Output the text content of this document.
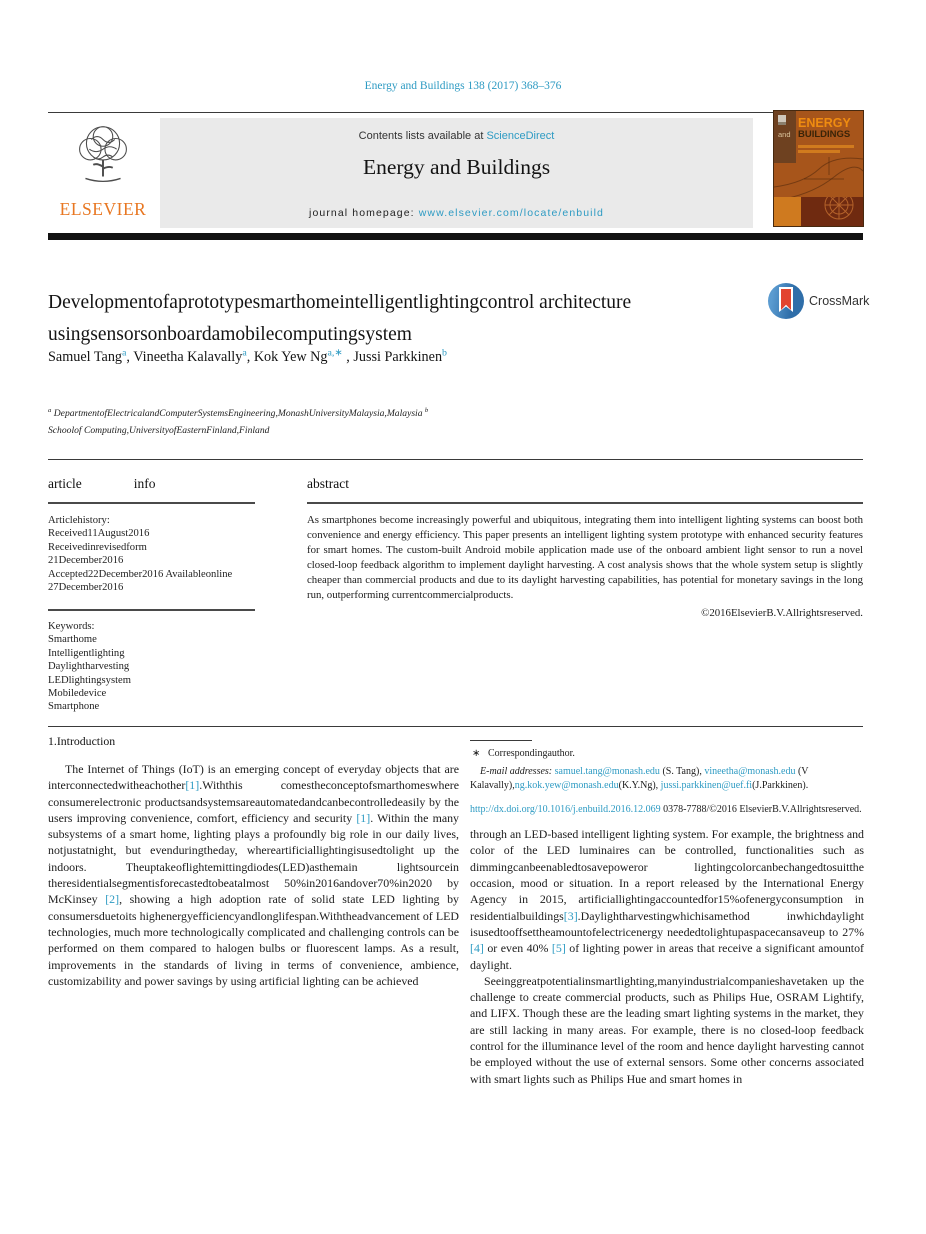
Energy and Buildings 138 (2017) 368–376
ELSEVIER
Contents lists available at ScienceDirect
Energy and Buildings
journal homepage: www.elsevier.com/locate/enbuild
ENERGY
and BUILDINGS
Developmentofaprototypesmarthomeintelligentlightingcontrol architecture
usingsensorsonboardamobilecomputingsystem
CrossMark
Samuel Tang$^a$, Vineetha Kalavally$^a$, Kok Yew $Ng^{a,∗}$ , Jussi Parkkinen$^b$
$^a$ DepartmentofElectricalandComputerSystemsEngineering,MonashUniversityMalaysia,Malaysia $^b$ Schoolof Computing,UniversityofEasternFinland,Finland
article	info	abstract
Articlehistory:
Received11August2016
Receivedinrevisedform
21December2016
Accepted22December2016 Availableonline
27December2016
Keywords:
Smarthome
Intelligentlighting
Daylightharvesting
LEDlightingsystem
Mobiledevice
Smartphone
As smartphones become increasingly powerful and ubiquitous, integrating them into intelligent lighting systems can boost both convenience and energy efficiency. This paper presents an intelligent lighting system prototype with enhanced security features for smart homes. The custom-built Android mobile application made use of the onboard ambient light sensor to run a novel closed-loop feedback algorithm to implement daylight harvesting. A cost analysis shows that the whole system setup is slightly cheaper than commercial products and due to its daylight harvesting capabilities, has potential for monetary savings in the long run, outperforming currentcommercialproducts.
©2016ElsevierB.V.Allrightsreserved.
1.Introduction
The Internet of Things (IoT) is an emerging concept of everyday objects that are interconnectedwitheachother[1].Withthis comestheconceptofsmarthomeswhere consumerelectronic productsandsystemsareautomatedandcanbecontrolledeasily by the users improving convenience, comfort, efficiency and security [1]. Within the many subsystems of a smart home, lighting plays a profoundly big role in our daily lives, notjustatnight, but evenduringtheday, whereartificiallightingisusedtolight up the indoors. Theuptakeoflightemittingdiodes(LED)asthemain lightsourcein theresidentialsegmentisforecastedtobeatalmost 50%in2016andover70%in2020 by McKinsey [2], showing a high adoption rate of solid state LED lighting by consumersduetoits highenergyefficiencyandlonglifespan.Withtheadvancement of LED technologies, much more technologically complicated and challenging controls can be performed on them compared to halogen bulbs or fluorescent lamps. As a result, improvements in the standards of living in terms of convenience, ambience, customizability and power savings by using artificial lighting can be achieved
∗ Correspondingauthor.
E-mail addresses: samuel.tang@monash.edu (S. Tang), vineetha@monash.edu (V Kalavally),ng.kok.yew@monash.edu(K.Y.Ng), jussi.parkkinen@uef.fi(J.Parkkinen).
http://dx.doi.org/10.1016/j.enbuild.2016.12.069 0378-7788/©2016 ElsevierB.V.Allrightsreserved.
through an LED-based intelligent lighting system. For example, the brightness and color of the LED luminaires can be controlled, functionalities such as dimmingcanbeenabledtosavepoweror lightingcolorcanbechangedtosuitthe occasion, mood or situation. In a report released by the International Energy Agency in 2015, artificiallightingaccountedfor15%ofenergyconsumption in residentialbuildings[3].Daylightharvestingwhichisamethod inwhichdaylight isusedtooffsettheamountofelectricenergy neededtolightupaspacecansaveup to 27%[4] or even 40% [5] of lighting power in areas that receive a significant amountof daylight.
Seeinggreatpotentialinsmartlighting,manyindustrialcompanieshavetaken up the challenge to create commercial products, such as Philips Hue, OSRAM Lightify, and LIFX. Though these are the leading smart lighting systems in the market, they are still lacking in many areas. For example, there is no closed-loop feedback control for the illuminance level of the room and hence daylight harvesting cannot be employed without the use of external sensors. Some other concerns associated with smart lights such as Philips Hue and smart homes in
